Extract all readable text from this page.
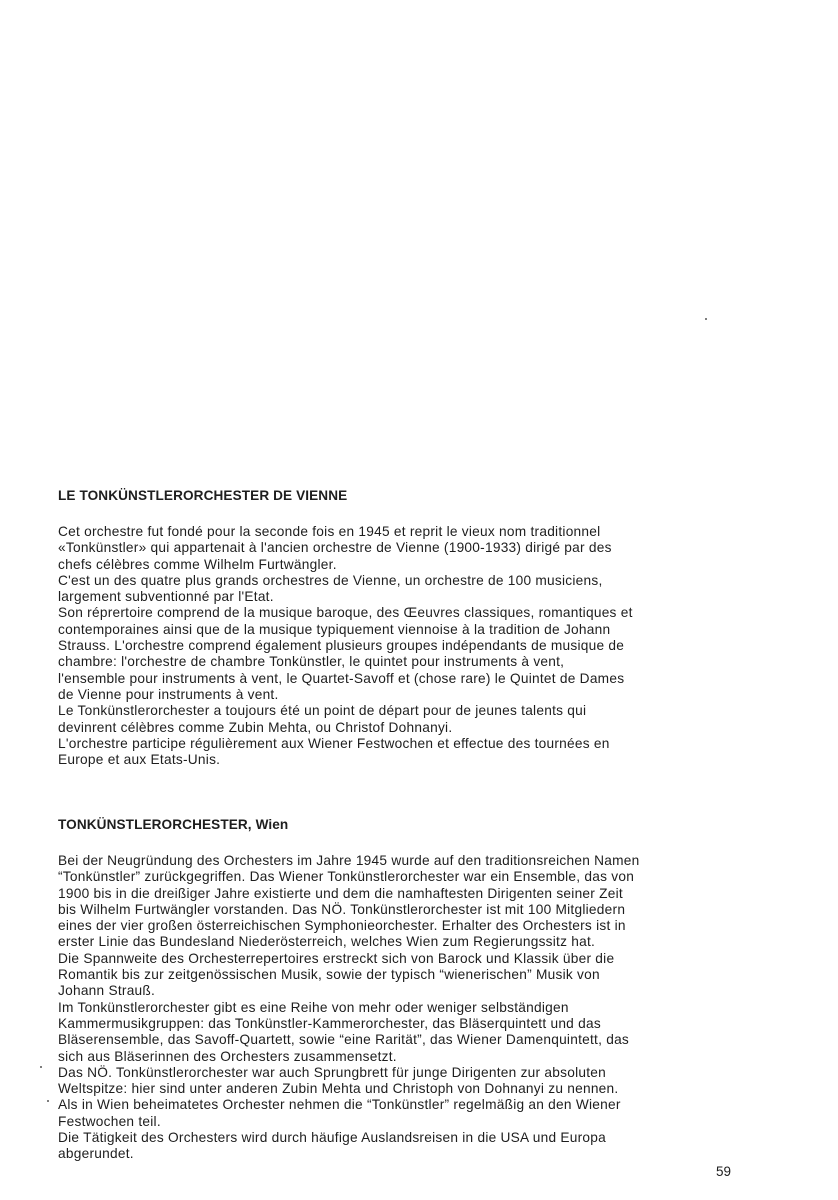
LE TONKÜNSTLERORCHESTER DE VIENNE

Cet orchestre fut fondé pour la seconde fois en 1945 et reprit le vieux nom traditionnel
«Tonkünstler» qui appartenait à l'ancien orchestre de Vienne (1900-1933) dirigé par des
chefs célèbres comme Wilhelm Furtwängler.
C'est un des quatre plus grands orchestres de Vienne, un orchestre de 100 musiciens,
largement subventionné par l'Etat.
Son réprertoire comprend de la musique baroque, des Œeuvres classiques, romantiques et
contemporaines ainsi que de la musique typiquement viennoise à la tradition de Johann
Strauss. L'orchestre comprend également plusieurs groupes indépendants de musique de
chambre: l'orchestre de chambre Tonkünstler, le quintet pour instruments à vent,
l'ensemble pour instruments à vent, le Quartet-Savoff et (chose rare) le Quintet de Dames
de Vienne pour instruments à vent.
Le Tonkünstlerorchester a toujours été un point de départ pour de jeunes talents qui
devinrent célèbres comme Zubin Mehta, ou Christof Dohnanyi.
L'orchestre participe régulièrement aux Wiener Festwochen et effectue des tournées en
Europe et aux Etats-Unis.

TONKÜNSTLERORCHESTER, Wien

Bei der Neugründung des Orchesters im Jahre 1945 wurde auf den traditionsreichen Namen
“Tonkünstler” zurückgegriffen. Das Wiener Tonkünstlerorchester war ein Ensemble, das von
1900 bis in die dreißiger Jahre existierte und dem die namhaftesten Dirigenten seiner Zeit
bis Wilhelm Furtwängler vorstanden. Das NÖ. Tonkünstlerorchester ist mit 100 Mitgliedern
eines der vier großen österreichischen Symphonieorchester. Erhalter des Orchesters ist in
erster Linie das Bundesland Niederösterreich, welches Wien zum Regierungssitz hat.
Die Spannweite des Orchesterrepertoires erstreckt sich von Barock und Klassik über die
Romantik bis zur zeitgenössischen Musik, sowie der typisch “wienerischen” Musik von
Johann Strauß.
Im Tonkünstlerorchester gibt es eine Reihe von mehr oder weniger selbständigen
Kammermusikgruppen: das Tonkünstler-Kammerorchester, das Bläserquintett und das
Bläserensemble, das Savoff-Quartett, sowie “eine Rarität”, das Wiener Damenquintett, das
sich aus Bläserinnen des Orchesters zusammensetzt.
Das NÖ. Tonkünstlerorchester war auch Sprungbrett für junge Dirigenten zur absoluten
Weltspitze: hier sind unter anderen Zubin Mehta und Christoph von Dohnanyi zu nennen.
Als in Wien beheimatetes Orchester nehmen die “Tonkünstler” regelmäßig an den Wiener
Festwochen teil.
Die Tätigkeit des Orchesters wird durch häufige Auslandsreisen in die USA und Europa
abgerundet.

59
